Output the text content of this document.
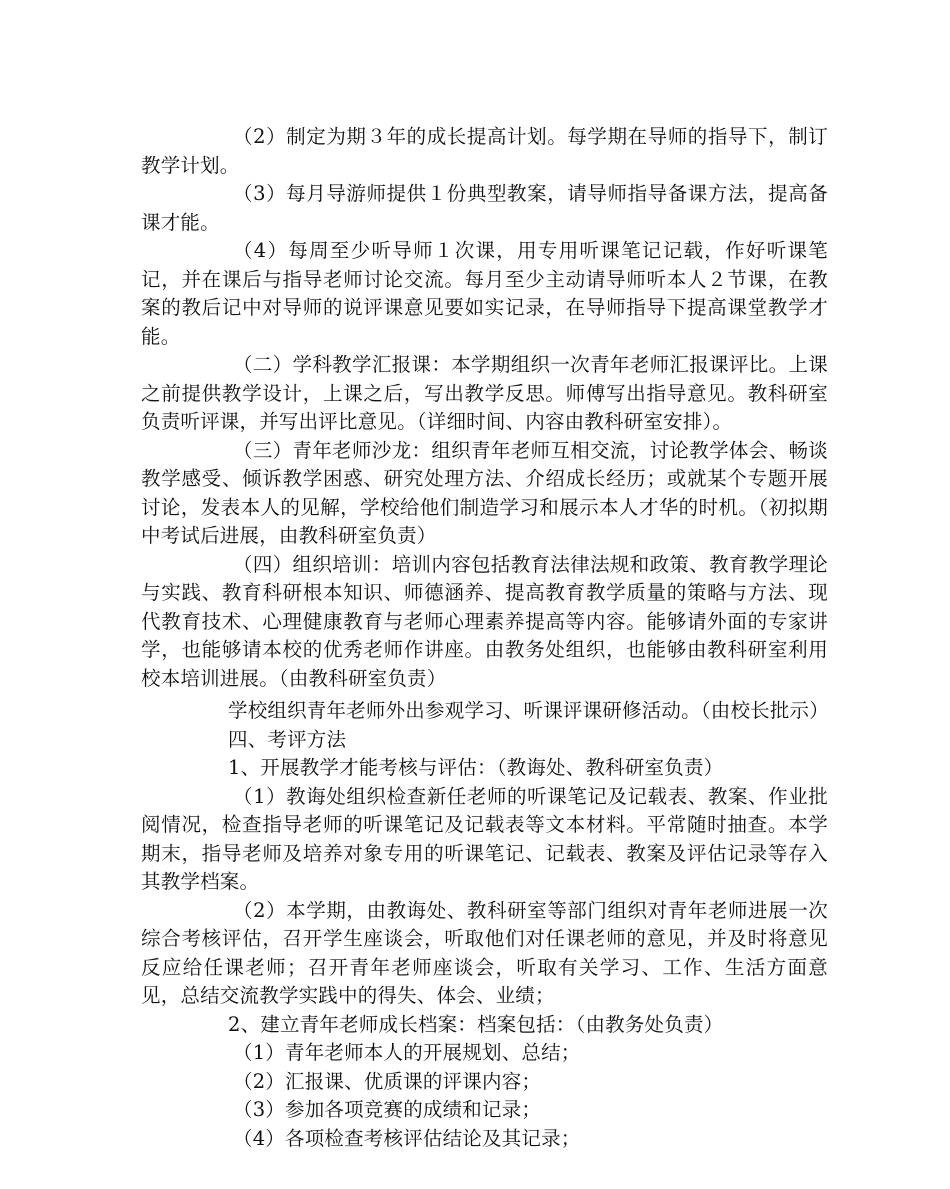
（2）制定为期３年的成长提高计划。每学期在导师的指导下，制订教学计划。

（3）每月导游师提供１份典型教案，请导师指导备课方法，提高备课才能。

（4）每周至少听导师１次课，用专用听课笔记记载，作好听课笔记，并在课后与指导老师讨论交流。每月至少主动请导师听本人２节课，在教案的教后记中对导师的说评课意见要如实记录，在导师指导下提高课堂教学才能。

（二）学科教学汇报课：本学期组织一次青年老师汇报课评比。上课之前提供教学设计，上课之后，写出教学反思。师傅写出指导意见。教科研室负责听评课，并写出评比意见。（详细时间、内容由教科研室安排）。

（三）青年老师沙龙：组织青年老师互相交流，讨论教学体会、畅谈教学感受、倾诉教学困惑、研究处理方法、介绍成长经历；或就某个专题开展讨论，发表本人的见解，学校给他们制造学习和展示本人才华的时机。（初拟期中考试后进展，由教科研室负责）

（四）组织培训：培训内容包括教育法律法规和政策、教育教学理论与实践、教育科研根本知识、师德涵养、提高教育教学质量的策略与方法、现代教育技术、心理健康教育与老师心理素养提高等内容。能够请外面的专家讲学，也能够请本校的优秀老师作讲座。由教务处组织，也能够由教科研室利用校本培训进展。（由教科研室负责）

学校组织青年老师外出参观学习、听课评课研修活动。（由校长批示）

四、考评方法

1、开展教学才能考核与评估：（教诲处、教科研室负责）

（1）教诲处组织检查新任老师的听课笔记及记载表、教案、作业批阅情况，检查指导老师的听课笔记及记载表等文本材料。平常随时抽查。本学期末，指导老师及培养对象专用的听课笔记、记载表、教案及评估记录等存入其教学档案。

（2）本学期，由教诲处、教科研室等部门组织对青年老师进展一次综合考核评估，召开学生座谈会，听取他们对任课老师的意见，并及时将意见反应给任课老师；召开青年老师座谈会，听取有关学习、工作、生活方面意见，总结交流教学实践中的得失、体会、业绩；

2、建立青年老师成长档案：档案包括：（由教务处负责）

（1）青年老师本人的开展规划、总结；

（2）汇报课、优质课的评课内容；

（3）参加各项竞赛的成绩和记录；

（4）各项检查考核评估结论及其记录；
